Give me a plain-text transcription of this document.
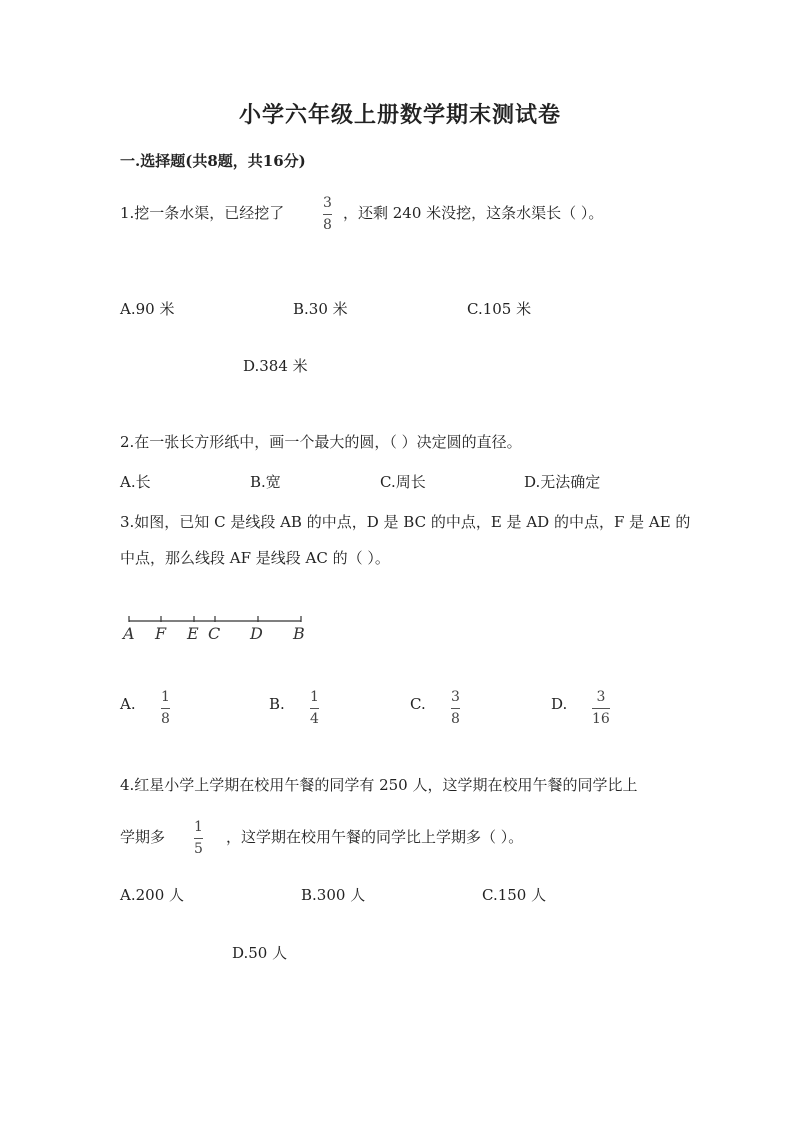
小学六年级上册数学期末测试卷
一.选择题(共8题，共16分)
1.挖一条水渠，已经挖了
3
8
，还剩 240 米没挖，这条水渠长（ ）。
A.90 米	B.30 米	C.105 米
D.384 米
2.在一张长方形纸中，画一个最大的圆，（ ）决定圆的直径。
A.长	B.宽	C.周长	D.无法确定
3.如图，已知 C 是线段 AB 的中点，D 是 BC 的中点，E 是 AD 的中点，F 是 AE 的
中点，那么线段 AF 是线段 AC 的（ ）。
A F E C D B
A. 1
8
B. 1
4
C. 3
8
D. 3
16
4.红星小学上学期在校用午餐的同学有 250 人，这学期在校用午餐的同学比上
学期多
1
5
，这学期在校用午餐的同学比上学期多（ ）。
A.200 人	B.300 人	C.150 人
D.50 人
